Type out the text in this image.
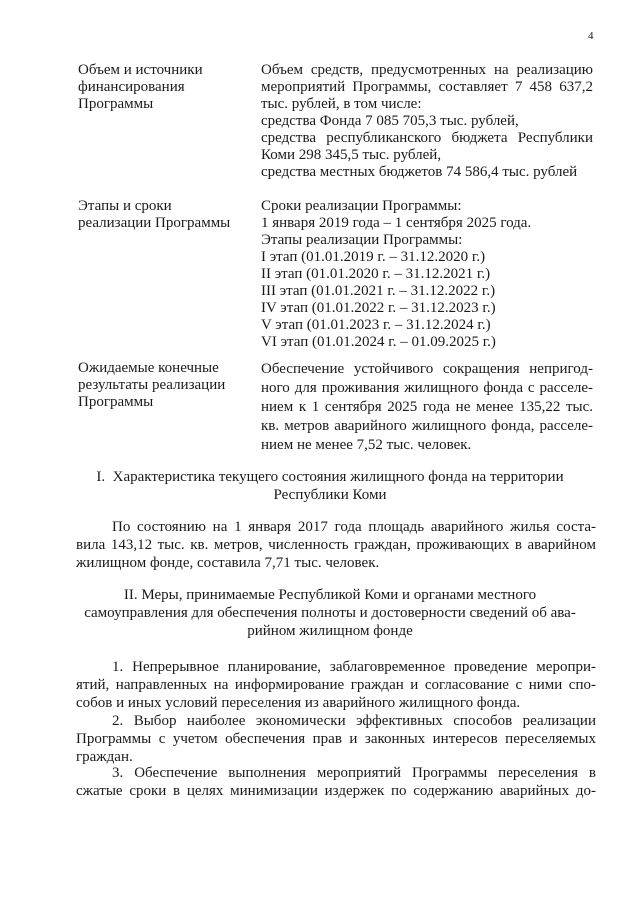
4
Объем и источники
финансирования
Программы
Объем средств, предусмотренных на реализацию
мероприятий Программы, составляет 7 458 637,2
тыс. рублей, в том числе:
средства Фонда 7 085 705,3 тыс. рублей,
средства республиканского бюджета Республики
Коми 298 345,5 тыс. рублей,
средства местных бюджетов 74 586,4 тыс. рублей
Этапы и сроки
реализации Программы
Сроки реализации Программы:
1 января 2019 года – 1 сентября 2025 года.
Этапы реализации Программы:
I этап (01.01.2019 г. – 31.12.2020 г.)
II этап (01.01.2020 г. – 31.12.2021 г.)
III этап (01.01.2021 г. – 31.12.2022 г.)
IV этап (01.01.2022 г. – 31.12.2023 г.)
V этап (01.01.2023 г. – 31.12.2024 г.)
VI этап (01.01.2024 г. – 01.09.2025 г.)
Ожидаемые конечные
результаты реализации
Программы
Обеспечение устойчивого сокращения непригод-
ного для проживания жилищного фонда с расселе-
нием к 1 сентября 2025 года не менее 135,22 тыс.
кв. метров аварийного жилищного фонда, расселе-
нием не менее 7,52 тыс. человек.
I.  Характеристика текущего состояния жилищного фонда на территории
Республики Коми
По состоянию на 1 января 2017 года площадь аварийного жилья соста-
вила 143,12 тыс. кв. метров, численность граждан, проживающих в аварийном
жилищном фонде, составила 7,71 тыс. человек.
II. Меры, принимаемые Республикой Коми и органами местного
самоуправления для обеспечения полноты и достоверности сведений об ава-
рийном жилищном фонде
1. Непрерывное планирование, заблаговременное проведение меропри-
ятий, направленных на информирование граждан и согласование с ними спо-
собов и иных условий переселения из аварийного жилищного фонда.
2. Выбор наиболее экономически эффективных способов реализации
Программы с учетом обеспечения прав и законных интересов переселяемых
граждан.
3. Обеспечение выполнения мероприятий Программы переселения в
сжатые сроки в целях минимизации издержек по содержанию аварийных до-
